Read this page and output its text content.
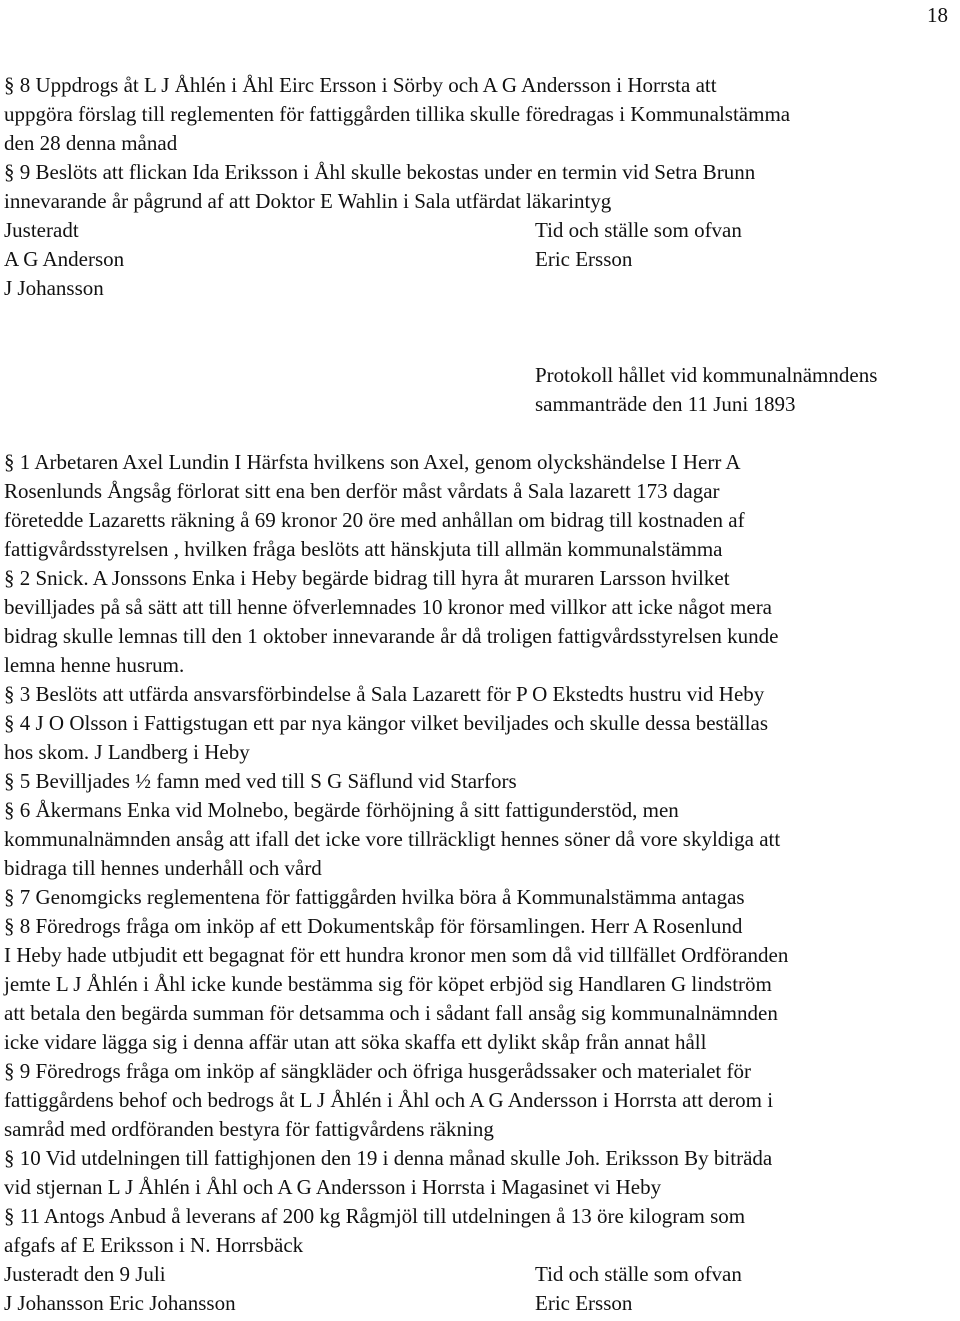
18
§ 8 Uppdrogs åt L J Åhlén i Åhl Eirc Ersson i Sörby och A G Andersson i Horrsta att
uppgöra förslag till reglementen för fattiggården tillika skulle föredragas i Kommunalstämma
den 28 denna månad
§ 9 Beslöts att flickan Ida Eriksson i Åhl skulle bekostas under en termin vid Setra Brunn
innevarande år pågrund af att Doktor E Wahlin i Sala utfärdat läkarintyg
Justeradt	Tid och ställe som ofvan
A G Anderson	Eric Ersson
J Johansson
Protokoll hållet vid kommunalnämndens
sammanträde den 11 Juni 1893
§ 1 Arbetaren Axel Lundin I Härfsta hvilkens son Axel, genom olyckshändelse I Herr A
Rosenlunds Ångsåg förlorat sitt ena ben derför måst vårdats å Sala lazarett 173 dagar
företedde Lazaretts räkning å 69 kronor 20 öre med anhållan om bidrag till kostnaden af
fattigvårdsstyrelsen , hvilken fråga beslöts att hänskjuta till allmän kommunalstämma
§ 2 Snick. A Jonssons Enka i Heby begärde bidrag till hyra åt muraren Larsson hvilket
bevilljades på så sätt att till henne öfverlemnades 10 kronor med villkor att icke något mera
bidrag skulle lemnas till den 1 oktober innevarande år då troligen fattigvårdsstyrelsen kunde
lemna henne husrum.
§ 3 Beslöts att utfärda ansvarsförbindelse å Sala Lazarett för P O Ekstedts hustru vid Heby
§ 4 J O Olsson i Fattigstugan ett par nya kängor vilket beviljades och skulle dessa beställas
hos skom. J Landberg i Heby
§ 5 Bevilljades ½ famn med ved till S G Säflund vid Starfors
§ 6 Åkermans Enka vid Molnebo, begärde förhöjning å sitt fattigunderstöd, men
kommunalnämnden ansåg att ifall det icke vore tillräckligt hennes söner då vore skyldiga att
bidraga till hennes underhåll och vård
§ 7 Genomgicks reglementena för fattiggården hvilka böra å Kommunalstämma antagas
§ 8 Föredrogs fråga om inköp af ett Dokumentskåp för församlingen. Herr A Rosenlund
I Heby hade utbjudit ett begagnat för ett hundra kronor men som då vid tillfället Ordföranden
jemte L J Åhlén i Åhl icke kunde bestämma sig för köpet erbjöd sig Handlaren G lindström
att betala den begärda summan för detsamma och i sådant fall ansåg sig kommunalnämnden
icke vidare lägga sig i denna affär utan att söka skaffa ett dylikt skåp från annat håll
§ 9 Föredrogs fråga om inköp af sängkläder och öfriga husgerådssaker och materialet för
fattiggårdens behof och bedrogs åt L J Åhlén i Åhl och A G Andersson i Horrsta att derom i
samråd med ordföranden bestyra för fattigvårdens räkning
§ 10 Vid utdelningen till fattighjonen den 19 i denna månad skulle Joh. Eriksson By biträda
vid stjernan L J Åhlén i Åhl och A G Andersson i Horrsta i Magasinet vi Heby
§ 11 Antogs Anbud å leverans af 200 kg Rågmjöl till utdelningen å 13 öre kilogram som
afgafs af E Eriksson i N. Horrsbäck
Justeradt den 9 Juli	Tid och ställe som ofvan
J Johansson Eric Johansson	Eric Ersson
